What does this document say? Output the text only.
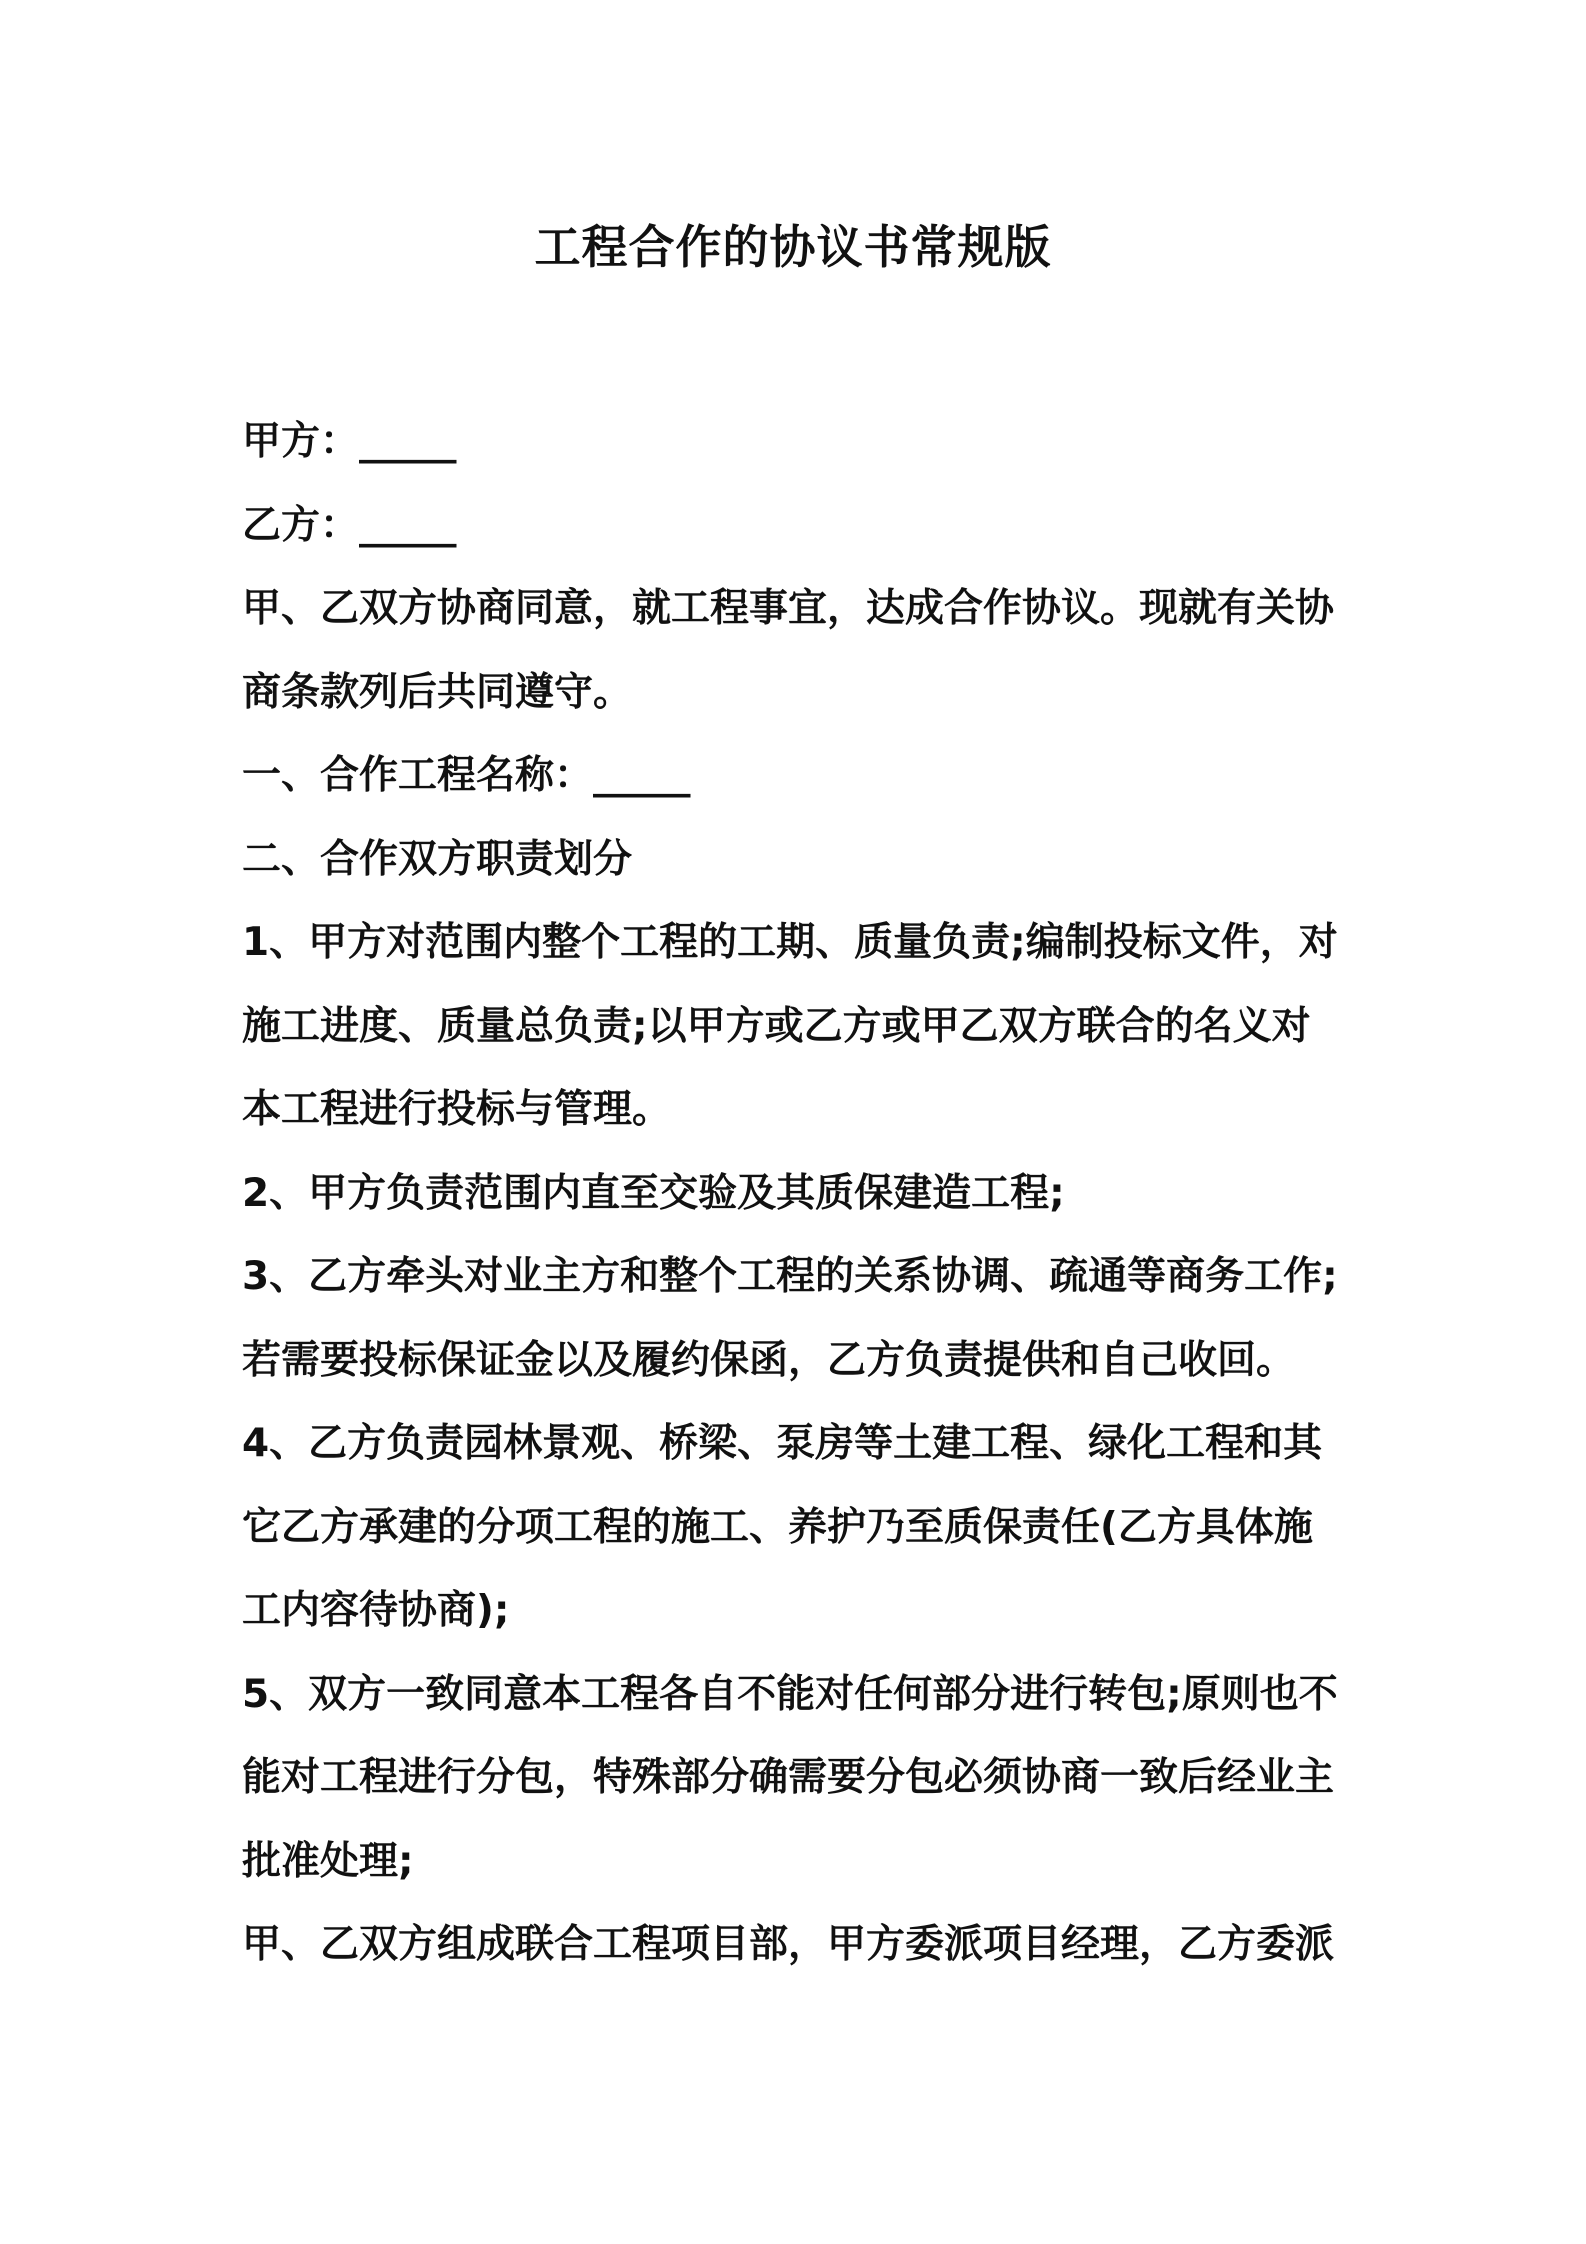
工程合作的协议书常规版
甲方：_____
乙方：_____
甲、乙双方协商同意，就工程事宜，达成合作协议。现就有关协
商条款列后共同遵守。
一、合作工程名称：_____
二、合作双方职责划分
1、甲方对范围内整个工程的工期、质量负责;编制投标文件，对
施工进度、质量总负责;以甲方或乙方或甲乙双方联合的名义对
本工程进行投标与管理。
2、甲方负责范围内直至交验及其质保建造工程;
3、乙方牵头对业主方和整个工程的关系协调、疏通等商务工作;
若需要投标保证金以及履约保函，乙方负责提供和自己收回。
4、乙方负责园林景观、桥梁、泵房等土建工程、绿化工程和其
它乙方承建的分项工程的施工、养护乃至质保责任(乙方具体施
工内容待协商);
5、双方一致同意本工程各自不能对任何部分进行转包;原则也不
能对工程进行分包，特殊部分确需要分包必须协商一致后经业主
批准处理;
甲、乙双方组成联合工程项目部，甲方委派项目经理，乙方委派
